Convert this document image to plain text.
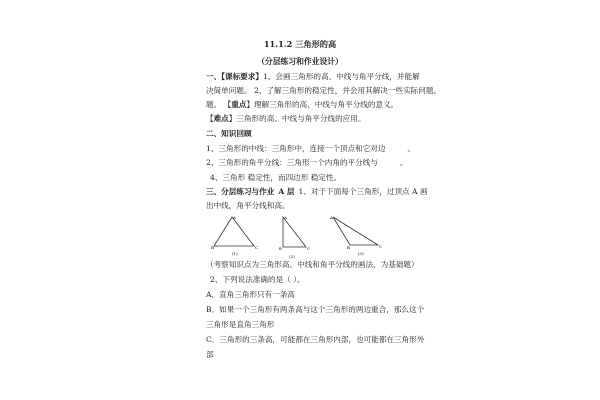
11.1.2 三角形的高
（分层练习和作业设计）
一、【课标要求】1、会画三角形的高、中线与角平分线，并能解
决简单问题。 2、了解三角形的稳定性，并会用其解决一些实际问题。
题。 【重点】理解三角形的高、中线与角平分线的意义。
【难点】三角形的高、中线与角平分线的应用。
二、知识回顾
1、三角形的中线：三角形中，连接一个顶点和它对边	。
2、三角形的角平分线：三角形一个内角的平分线与	。
4、三角形 稳定性，而四边形 稳定性。
三、分层练习与作业 A 层 1、对于下面每个三角形，过顶点 A 画
出中线，角平分线和高。
A
B	C
(1)
A
B	C
(2)
A
B	C
(3)
（考察知识点为三角形高、中线和角平分线的画法，为基础题）
2、下列说法准确的是（ ）。
A．直角三角形只有一条高
B．如果一个三角形有两条高与这个三角形的两边重合，那么这个
三角形是直角三角形
C．三角形的三条高，可能都在三角形内部，也可能都在三角形外
部
